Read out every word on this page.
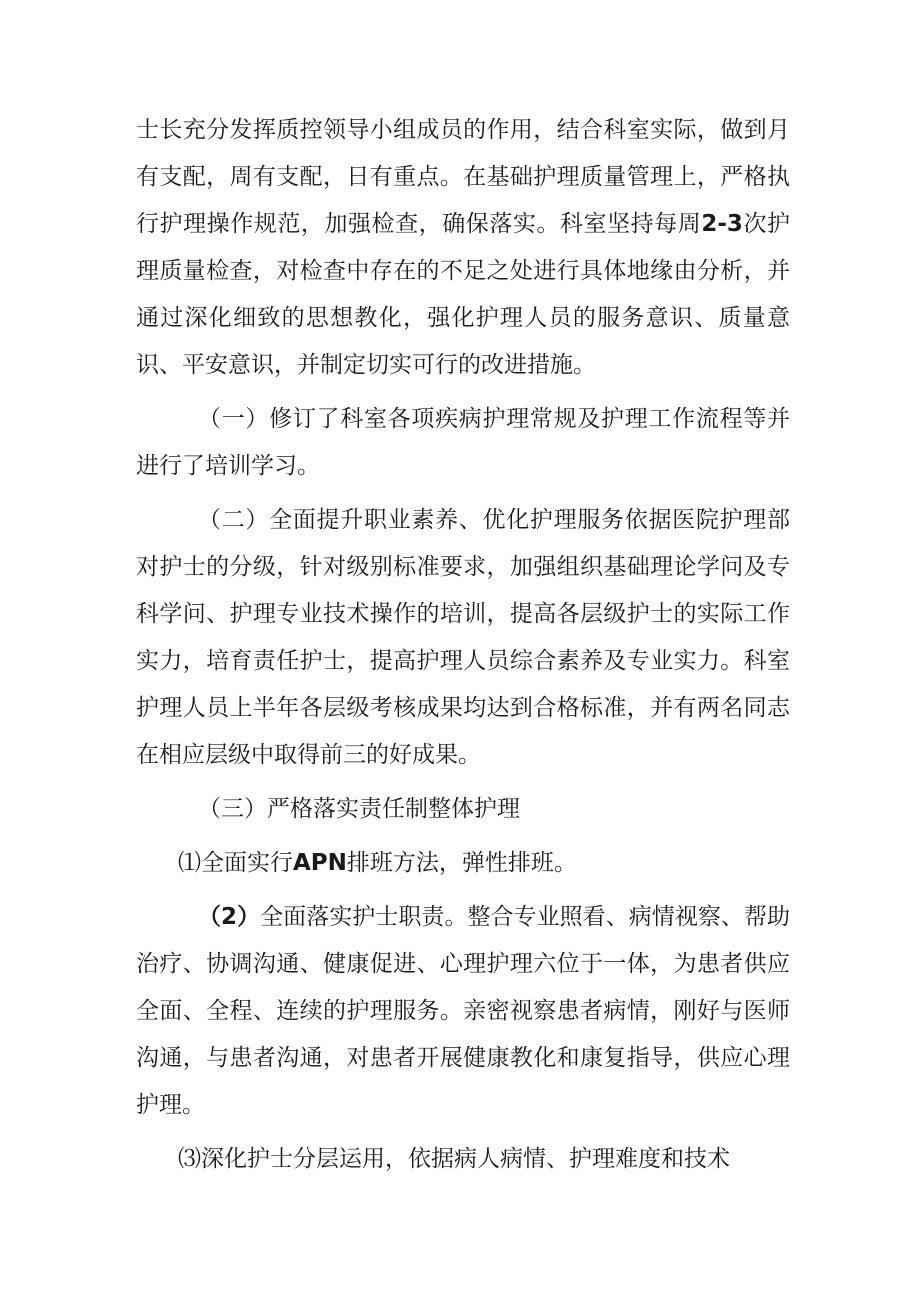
士长充分发挥质控领导小组成员的作用，结合科室实际，做到月有支配，周有支配，日有重点。在基础护理质量管理上，严格执行护理操作规范，加强检查，确保落实。科室坚持每周2-3次护理质量检查，对检查中存在的不足之处进行具体地缘由分析，并通过深化细致的思想教化，强化护理人员的服务意识、质量意识、平安意识，并制定切实可行的改进措施。

（一）修订了科室各项疾病护理常规及护理工作流程等并进行了培训学习。

（二）全面提升职业素养、优化护理服务依据医院护理部对护士的分级，针对级别标准要求，加强组织基础理论学问及专科学问、护理专业技术操作的培训，提高各层级护士的实际工作实力，培育责任护士，提高护理人员综合素养及专业实力。科室护理人员上半年各层级考核成果均达到合格标准，并有两名同志在相应层级中取得前三的好成果。

（三）严格落实责任制整体护理

⑴全面实行APN排班方法，弹性排班。

（2）全面落实护士职责。整合专业照看、病情视察、帮助治疗、协调沟通、健康促进、心理护理六位于一体，为患者供应全面、全程、连续的护理服务。亲密视察患者病情，刚好与医师沟通，与患者沟通，对患者开展健康教化和康复指导，供应心理护理。

⑶深化护士分层运用，依据病人病情、护理难度和技术
